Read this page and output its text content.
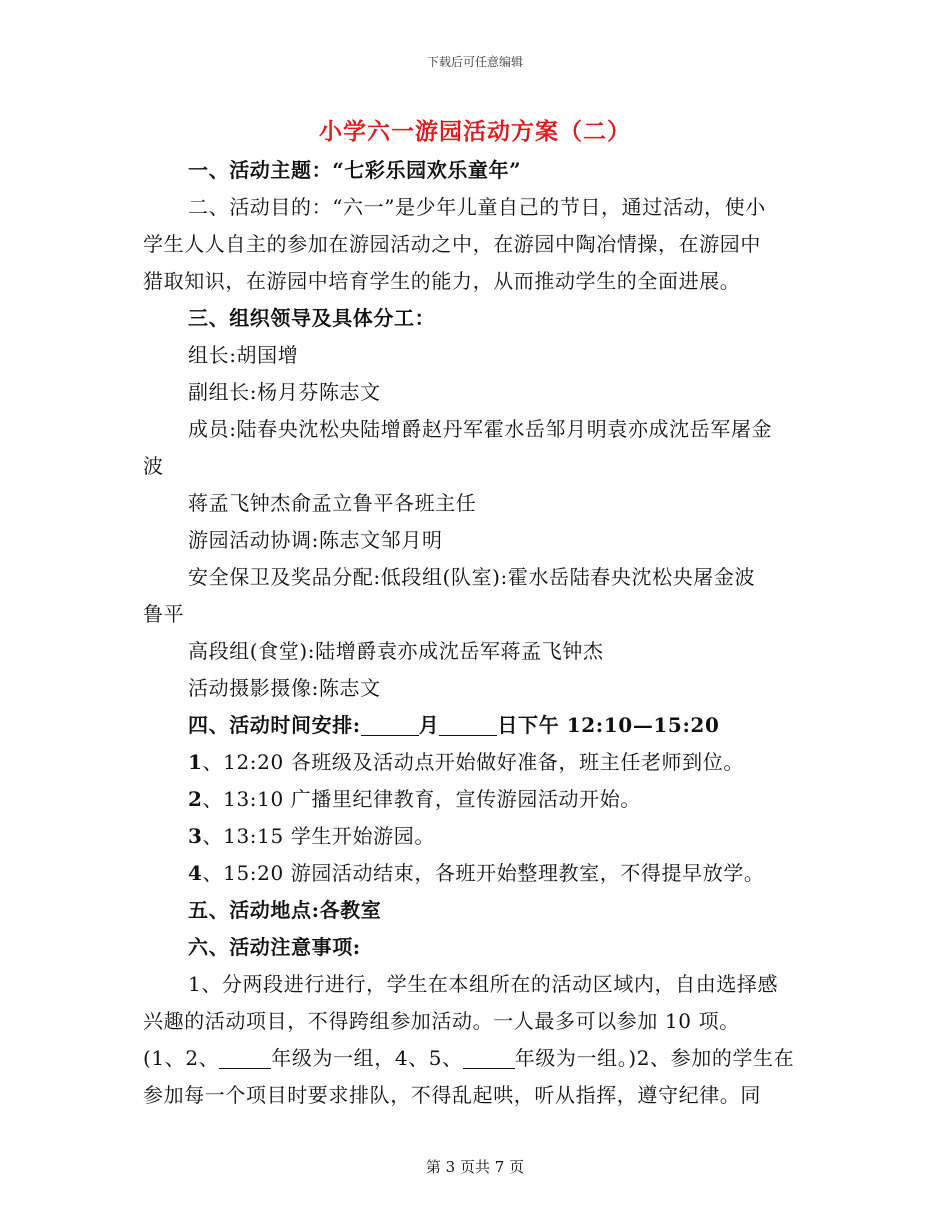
下载后可任意编辑
小学六一游园活动方案（二）
一、活动主题：“七彩乐园欢乐童年”
二、活动目的：“六一”是少年儿童自己的节日，通过活动，使小
学生人人自主的参加在游园活动之中，在游园中陶冶情操，在游园中
猎取知识，在游园中培育学生的能力，从而推动学生的全面进展。
三、组织领导及具体分工：
组长:胡国增
副组长:杨月芬陈志文
成员:陆春央沈松央陆增爵赵丹军霍水岳邹月明袁亦成沈岳军屠金
波
蒋孟飞钟杰俞孟立鲁平各班主任
游园活动协调:陈志文邹月明
安全保卫及奖品分配:低段组(队室):霍水岳陆春央沈松央屠金波
鲁平
高段组(食堂):陆增爵袁亦成沈岳军蒋孟飞钟杰
活动摄影摄像:陈志文
四、活动时间安排:	月	日下午 12:10—15:20
1、12:20 各班级及活动点开始做好准备，班主任老师到位。
2、13:10 广播里纪律教育，宣传游园活动开始。
3、13:15 学生开始游园。
4、15:20 游园活动结束，各班开始整理教室，不得提早放学。
五、活动地点:各教室
六、活动注意事项:
1、分两段进行进行，学生在本组所在的活动区域内，自由选择感
兴趣的活动项目，不得跨组参加活动。一人最多可以参加 10 项。
(1、2、	年级为一组，4、5、	年级为一组。)2、参加的学生在
参加每一个项目时要求排队，不得乱起哄，听从指挥，遵守纪律。同
第 3 页共 7 页
